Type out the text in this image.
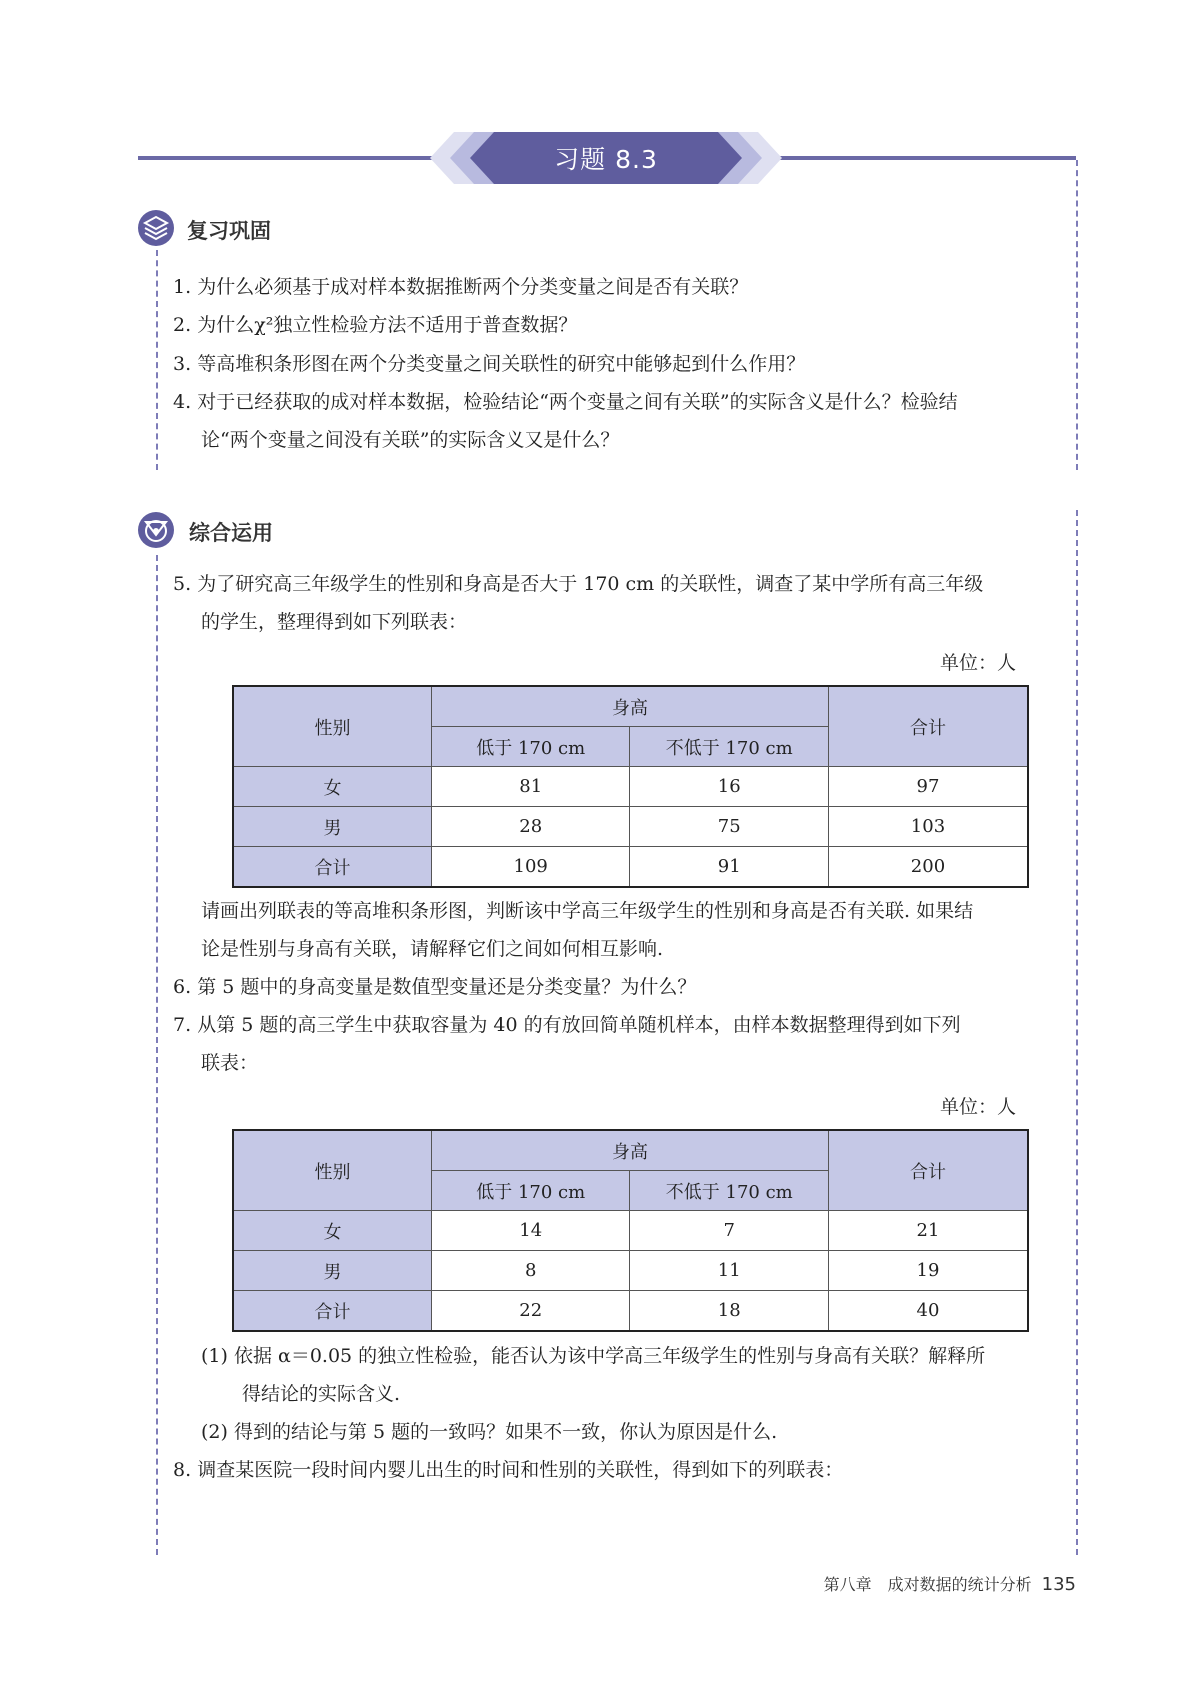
习题 8.3
复习巩固
1. 为什么必须基于成对样本数据推断两个分类变量之间是否有关联？
2. 为什么χ²独立性检验方法不适用于普查数据？
3. 等高堆积条形图在两个分类变量之间关联性的研究中能够起到什么作用？
4. 对于已经获取的成对样本数据，检验结论“两个变量之间有关联”的实际含义是什么？检验结
论“两个变量之间没有关联”的实际含义又是什么？
综合运用
5. 为了研究高三年级学生的性别和身高是否大于 170 cm 的关联性，调查了某中学所有高三年级
的学生，整理得到如下列联表：
单位：人
性别	身高		合计
	低于 170 cm	不低于 170 cm	
女	81	16	97
男	28	75	103
合计	109	91	200
请画出列联表的等高堆积条形图，判断该中学高三年级学生的性别和身高是否有关联. 如果结
论是性别与身高有关联，请解释它们之间如何相互影响.
6. 第 5 题中的身高变量是数值型变量还是分类变量？为什么？
7. 从第 5 题的高三学生中获取容量为 40 的有放回简单随机样本，由样本数据整理得到如下列
联表：
单位：人
性别	身高		合计
	低于 170 cm	不低于 170 cm	
女	14	7	21
男	8	11	19
合计	22	18	40
(1) 依据 α＝0.05 的独立性检验，能否认为该中学高三年级学生的性别与身高有关联？解释所
得结论的实际含义.
(2) 得到的结论与第 5 题的一致吗？如果不一致，你认为原因是什么.
8. 调查某医院一段时间内婴儿出生的时间和性别的关联性，得到如下的列联表：
第八章　成对数据的统计分析 135
